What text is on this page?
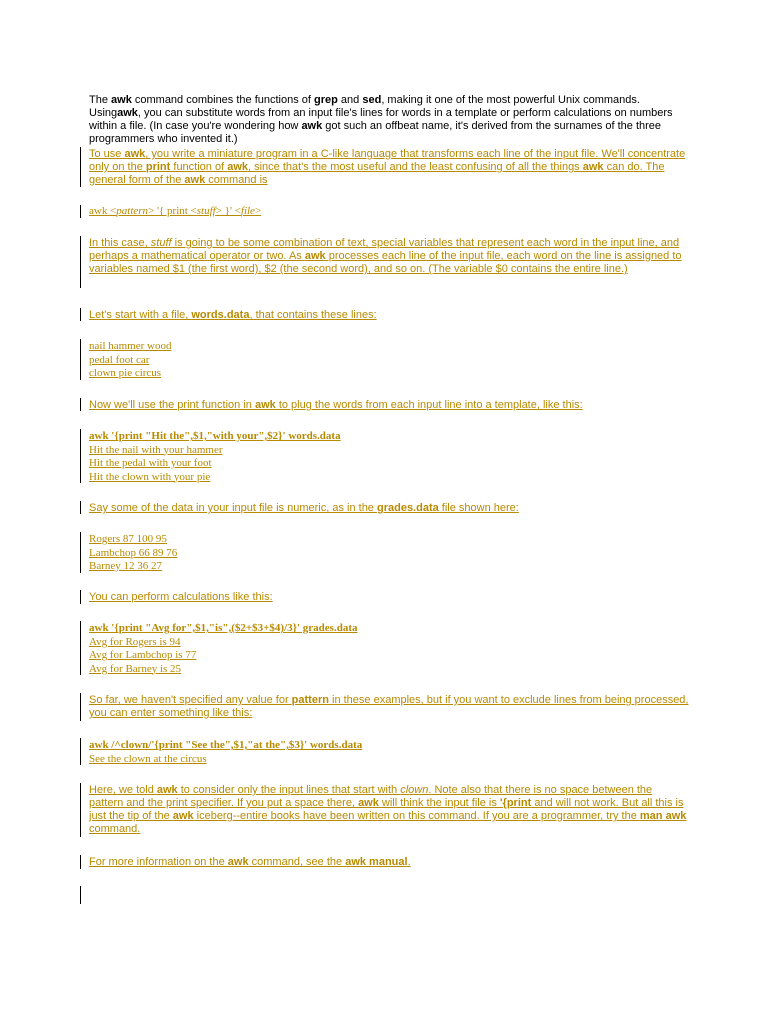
The awk command combines the functions of grep and sed, making it one of the most powerful Unix commands. Usingawk, you can substitute words from an input file's lines for words in a template or perform calculations on numbers within a file. (In case you're wondering how awk got such an offbeat name, it's derived from the surnames of the three programmers who invented it.)

To use awk, you write a miniature program in a C-like language that transforms each line of the input file. We'll concentrate only on the print function of awk, since that's the most useful and the least confusing of all the things awk can do. The general form of the awk command is

awk <pattern> '{ print <stuff> }' <file>

In this case, stuff is going to be some combination of text, special variables that represent each word in the input line, and perhaps a mathematical operator or two. As awk processes each line of the input file, each word on the line is assigned to variables named $1 (the first word), $2 (the second word), and so on. (The variable $0 contains the entire line.)

Let's start with a file, words.data, that contains these lines:

nail hammer wood
pedal foot car
clown pie circus

Now we'll use the print function in awk to plug the words from each input line into a template, like this:

awk '{print "Hit the",$1,"with your",$2}' words.data
Hit the nail with your hammer
Hit the pedal with your foot
Hit the clown with your pie

Say some of the data in your input file is numeric, as in the grades.data file shown here:

Rogers 87 100 95
Lambchop 66 89 76
Barney 12 36 27

You can perform calculations like this:

awk '{print "Avg for",$1,"is",($2+$3+$4)/3}' grades.data
Avg for Rogers is 94
Avg for Lambchop is 77
Avg for Barney is 25

So far, we haven't specified any value for pattern in these examples, but if you want to exclude lines from being processed, you can enter something like this:

awk /^clown/'{print "See the",$1,"at the",$3}' words.data
See the clown at the circus

Here, we told awk to consider only the input lines that start with clown. Note also that there is no space between the pattern and the print specifier. If you put a space there, awk will think the input file is '{print and will not work. But all this is just the tip of the awk iceberg--entire books have been written on this command. If you are a programmer, try the man awk command.

For more information on the awk command, see the awk manual.
